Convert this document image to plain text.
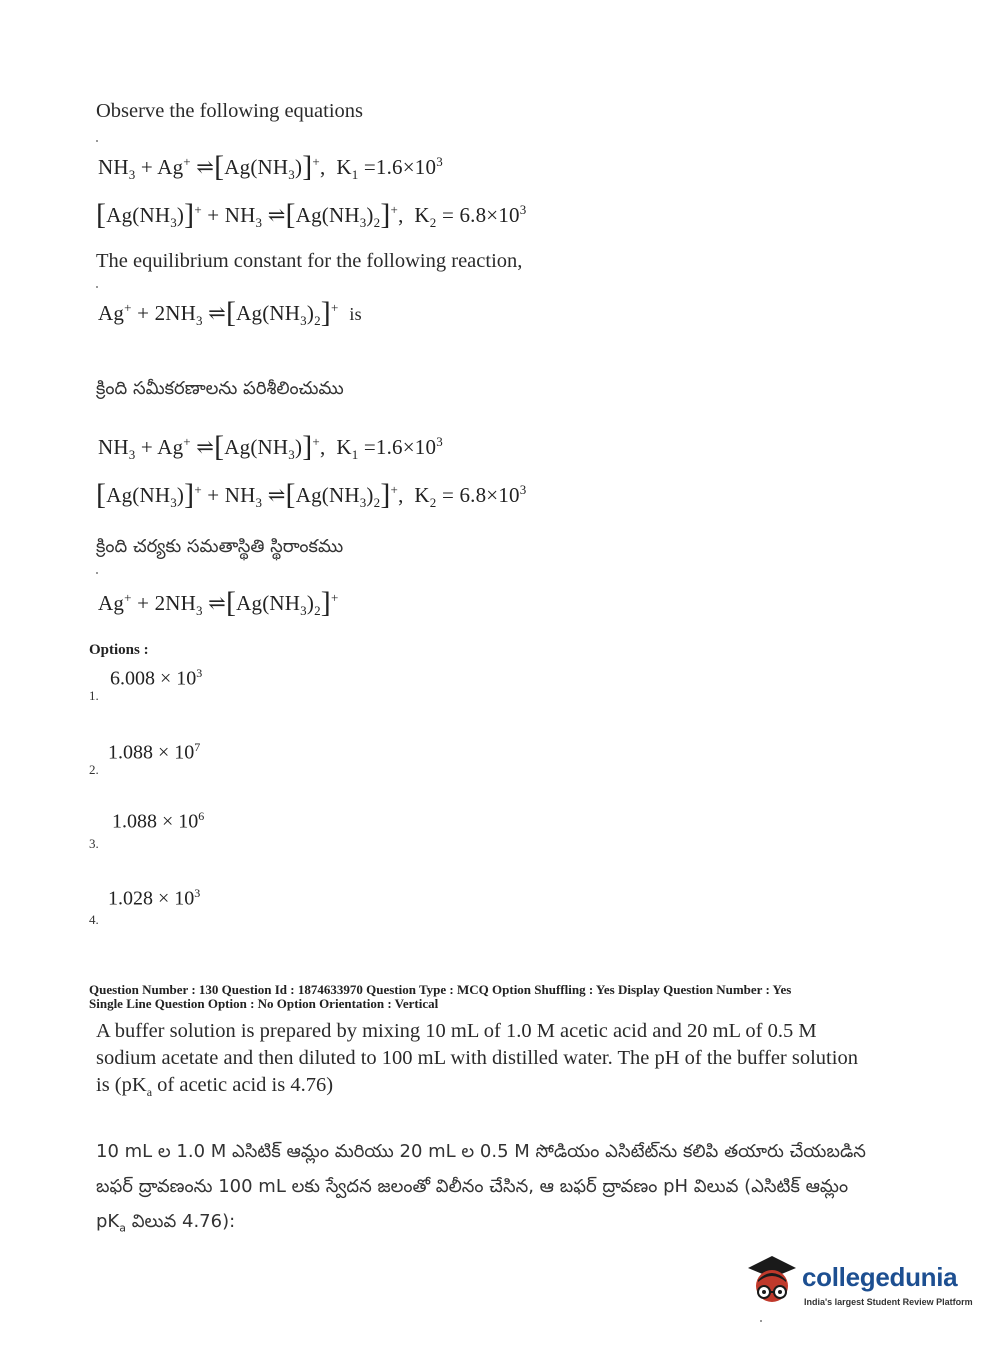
Observe the following equations
$NH_3 + Ag^+$ $\rightleftharpoons[Ag(NH_3)]^+$,  $K_1 =1.6\times 10^3$
$[Ag(NH_3)]^+ + NH_3$ $\rightleftharpoons[Ag(NH_3)_2]^+$,  $K_2 = 6.8\times 10^3$
The equilibrium constant for the following reaction,
$Ag^+ + 2NH_3$ $\rightleftharpoons[Ag(NH_3)_2]^+$ is
క్రింది సమీకరణాలను పరిశీలించుము
$NH_3 + Ag^+$ $\rightleftharpoons[Ag(NH_3)]^+$,  $K_1 =1.6\times 10^3$
$[Ag(NH_3)]^+ + NH_3$ $\rightleftharpoons[Ag(NH_3)_2]^+$,  $K_2 = 6.8\times 10^3$
క్రింది చర్యకు సమతాస్థితి స్థిరాంకము
$Ag^+ + 2NH_3$ $\rightleftharpoons[Ag(NH_3)_2]^+$
Options :
$6.008 \times 10^3$
1.
$1.088 \times 10^7$
2.
$1.088 \times 10^6$
3.
$1.028 \times 10^3$
4.
Question Number : 130 Question Id : 1874633970 Question Type : MCQ Option Shuffling : Yes Display Question Number : Yes
Single Line Question Option : No Option Orientation : Vertical
A buffer solution is prepared by mixing 10 mL of 1.0 M acetic acid and 20 mL of 0.5 M sodium acetate and then diluted to 100 mL with distilled water. The pH of the buffer solution is ($pK_a$ of acetic acid is 4.76)
10 mL ల 1.0 M ఎసిటిక్ ఆమ్లం మరియు 20 mL ల 0.5 M సోడియం ఎసిటేట్‌ను కలిపి తయారు చేయబడిన బఫర్ ద్రావణంను 100 mL లకు స్వేదన జలంతో విలీనం చేసిన, ఆ బఫర్ ద్రావణం pH విలువ (ఎసిటిక్ ఆమ్లం $pK_a$ విలువ 4.76):
collegedunia
India's largest Student Review Platform
